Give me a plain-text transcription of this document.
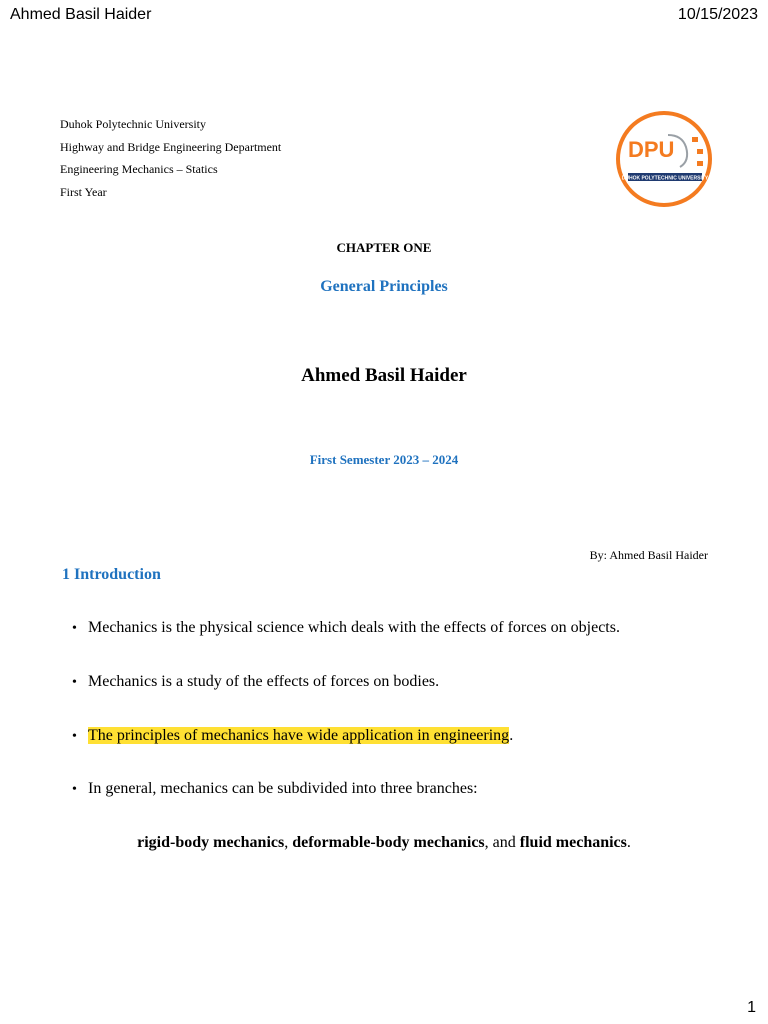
Ahmed Basil Haider	10/15/2023
Duhok Polytechnic University
Highway and Bridge Engineering Department
Engineering Mechanics – Statics
First Year
DPU
DUHOK POLYTECHNIC UNIVERSITY
CHAPTER ONE
General Principles
Ahmed Basil Haider
First Semester 2023 – 2024
By: Ahmed Basil Haider
1 Introduction
• Mechanics is the physical science which deals with the effects of forces on objects.
• Mechanics is a study of the effects of forces on bodies.
• The principles of mechanics have wide application in engineering.
• In general, mechanics can be subdivided into three branches:
rigid-body mechanics, deformable-body mechanics, and fluid mechanics.
1
